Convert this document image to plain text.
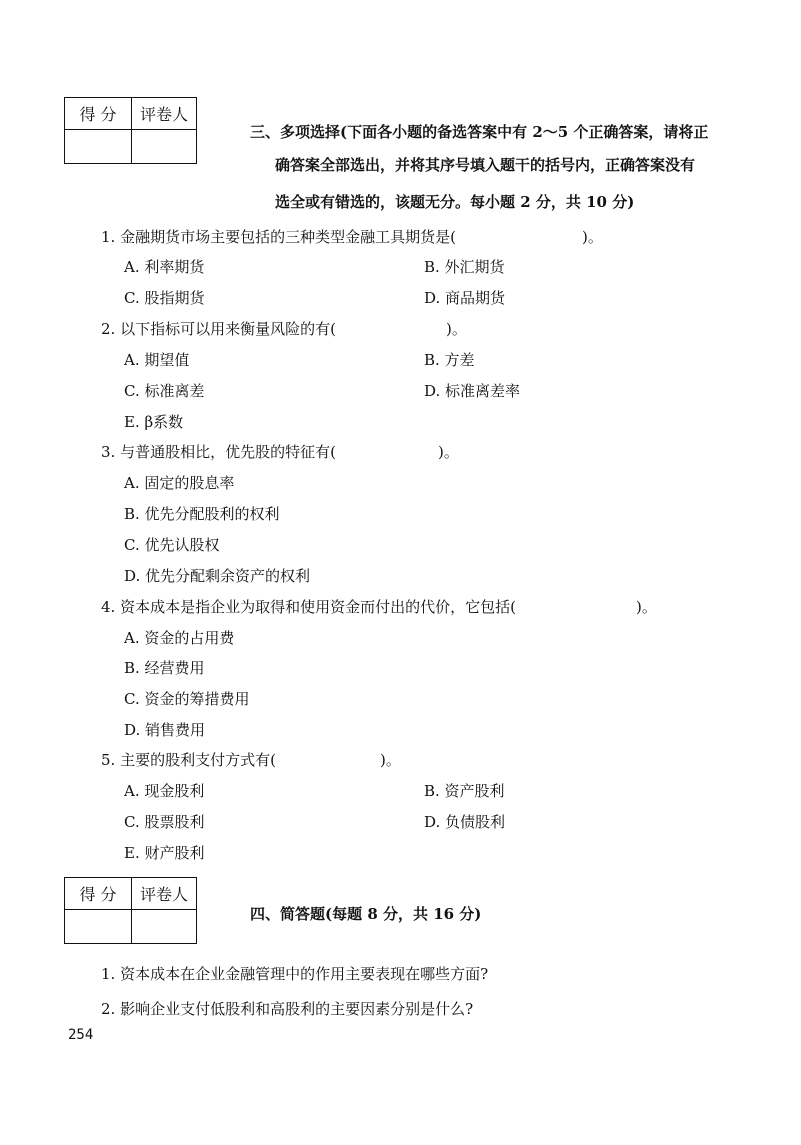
得 分	评卷人

三、多项选择(下面各小题的备选答案中有 2～5 个正确答案，请将正
确答案全部选出，并将其序号填入题干的括号内，正确答案没有
选全或有错选的，该题无分。每小题 2 分，共 10 分)
1. 金融期货市场主要包括的三种类型金融工具期货是(	)。
A. 利率期货	B. 外汇期货
C. 股指期货	D. 商品期货
2. 以下指标可以用来衡量风险的有(	)。
A. 期望值	B. 方差
C. 标准离差	D. 标准离差率
E. β系数
3. 与普通股相比，优先股的特征有(	)。
A. 固定的股息率
B. 优先分配股利的权利
C. 优先认股权
D. 优先分配剩余资产的权利
4. 资本成本是指企业为取得和使用资金而付出的代价，它包括(	)。
A. 资金的占用费
B. 经营费用
C. 资金的筹措费用
D. 销售费用
5. 主要的股利支付方式有(	)。
A. 现金股利	B. 资产股利
C. 股票股利	D. 负债股利
E. 财产股利
得 分	评卷人

四、简答题(每题 8 分，共 16 分)
1. 资本成本在企业金融管理中的作用主要表现在哪些方面?
2. 影响企业支付低股利和高股利的主要因素分别是什么?
254
